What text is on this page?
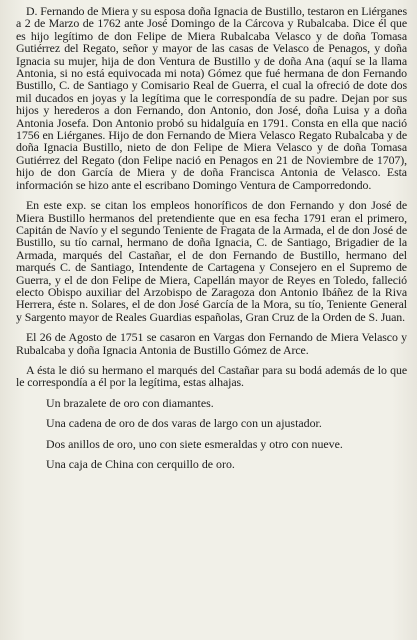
D. Fernando de Miera y su esposa doña Ignacia de Bustillo, testaron en Liérganes a 2 de Marzo de 1762 ante José Domingo de la Cárcova y Rubalcaba. Dice él que es hijo legítimo de don Felipe de Miera Rubalcaba Velasco y de doña Tomasa Gutiérrez del Regato, señor y mayor de las casas de Velasco de Penagos, y doña Ignacia su mujer, hija de don Ventura de Bustillo y de doña Ana (aquí se la llama Antonia, si no está equivocada mi nota) Gómez que fué hermana de don Fernando Bustillo, C. de Santiago y Comisario Real de Guerra, el cual la ofreció de dote dos mil ducados en joyas y la legítima que le correspondía de su padre. Dejan por sus hijos y herederos a don Fernando, don Antonio, don José, doña Luisa y a doña Antonia Josefa. Don Antonio probó su hidalguía en 1791. Consta en ella que nació 1756 en Liérganes. Hijo de don Fernando de Miera Velasco Regato Rubalcaba y de doña Ignacia Bustillo, nieto de don Felipe de Miera Velasco y de doña Tomasa Gutiérrez del Regato (don Felipe nació en Penagos en 21 de Noviembre de 1707), hijo de don García de Miera y de doña Francisca Antonia de Velasco. Esta información se hizo ante el escribano Domingo Ventura de Camporredondo.

En este exp. se citan los empleos honoríficos de don Fernando y don José de Miera Bustillo hermanos del pretendiente que en esa fecha 1791 eran el primero, Capitán de Navío y el segundo Teniente de Fragata de la Armada, el de don José de Bustillo, su tío carnal, hermano de doña Ignacia, C. de Santiago, Brigadier de la Armada, marqués del Castañar, el de don Fernando de Bustillo, hermano del marqués C. de Santiago, Intendente de Cartagena y Consejero en el Supremo de Guerra, y el de don Felipe de Miera, Capellán mayor de Reyes en Toledo, falleció electo Obispo auxiliar del Arzobispo de Zaragoza don Antonio Ibáñez de la Riva Herrera, éste n. Solares, el de don José García de la Mora, su tío, Teniente General y Sargento mayor de Reales Guardias españolas, Gran Cruz de la Orden de S. Juan.

El 26 de Agosto de 1751 se casaron en Vargas don Fernando de Miera Velasco y Rubalcaba y doña Ignacia Antonia de Bustillo Gómez de Arce.

A ésta le dió su hermano el marqués del Castañar para su bodá además de lo que le correspondía a él por la legítima, estas alhajas.

Un brazalete de oro con diamantes.

Una cadena de oro de dos varas de largo con un ajustador.

Dos anillos de oro, uno con siete esmeraldas y otro con nueve.

Una caja de China con cerquillo de oro.
